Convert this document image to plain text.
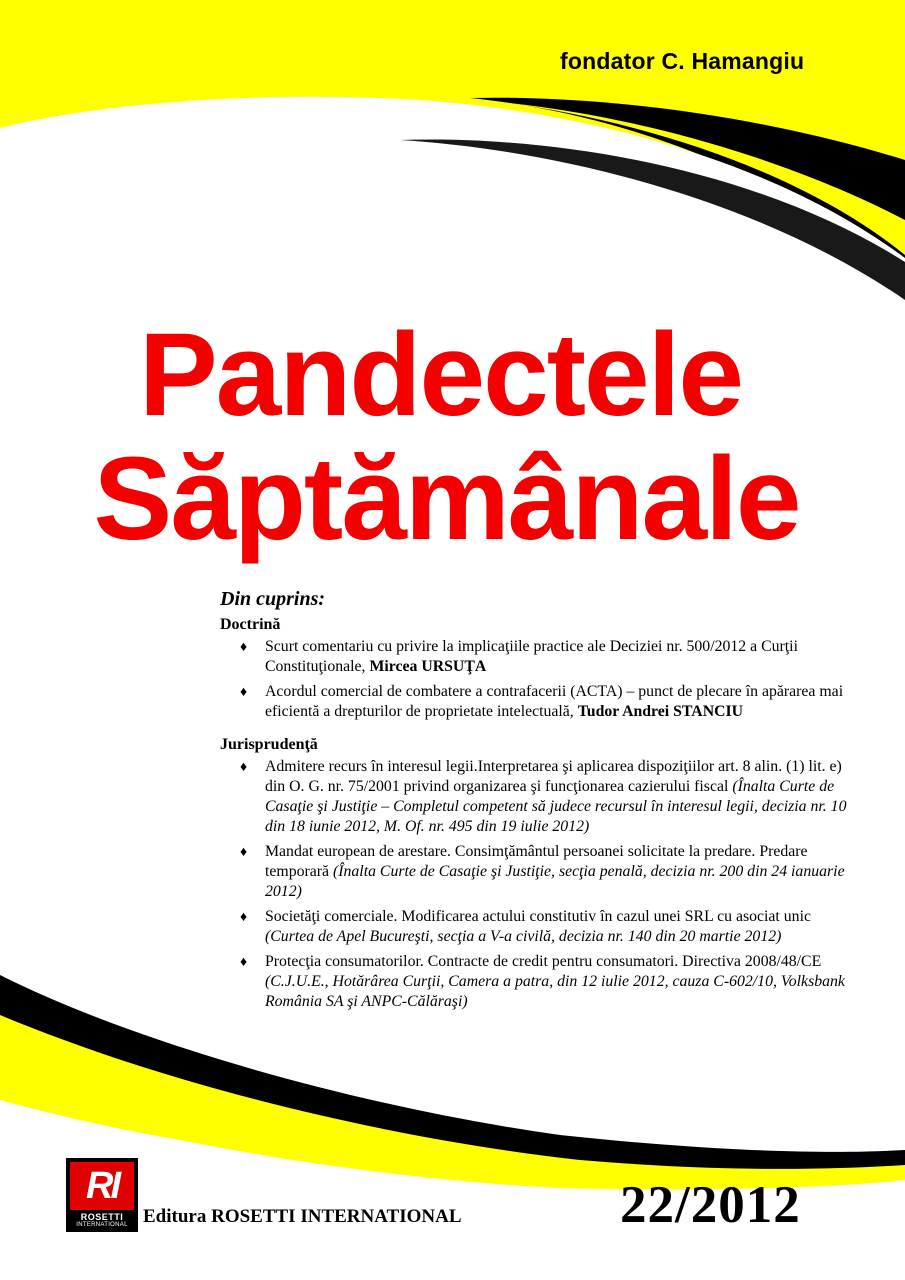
fondator C. Hamangiu
Pandectele
Săptămânale
Din cuprins:
Doctrină
♦ Scurt comentariu cu privire la implicaţiile practice ale Deciziei nr. 500/2012 a Curţii Constituţionale, Mircea URSUŢA
♦ Acordul comercial de combatere a contrafacerii (ACTA) – punct de plecare în apărarea mai eficientă a drepturilor de proprietate intelectuală, Tudor Andrei STANCIU
Jurisprudenţă
♦ Admitere recurs în interesul legii.Interpretarea şi aplicarea dispoziţiilor art. 8 alin. (1) lit. e) din O. G. nr. 75/2001 privind organizarea şi funcţionarea cazierului fiscal (Înalta Curte de Casaţie şi Justiţie – Completul competent să judece recursul în interesul legii, decizia nr. 10 din 18 iunie 2012, M. Of. nr. 495 din 19 iulie 2012)
♦ Mandat european de arestare. Consimţământul persoanei solicitate la predare. Predare temporară (Înalta Curte de Casaţie şi Justiţie, secţia penală, decizia nr. 200 din 24 ianuarie 2012)
♦ Societăţi comerciale. Modificarea actului constitutiv în cazul unei SRL cu asociat unic (Curtea de Apel Bucureşti, secţia a V-a civilă, decizia nr. 140 din 20 martie 2012)
♦ Protecţia consumatorilor. Contracte de credit pentru consumatori. Directiva 2008/48/CE (C.J.U.E., Hotărârea Curţii, Camera a patra, din 12 iulie 2012, cauza C-602/10, Volksbank România SA şi ANPC-Călăraşi)
RI
ROSETTI
INTERNATIONAL Editura ROSETTI INTERNATIONAL	22/2012
